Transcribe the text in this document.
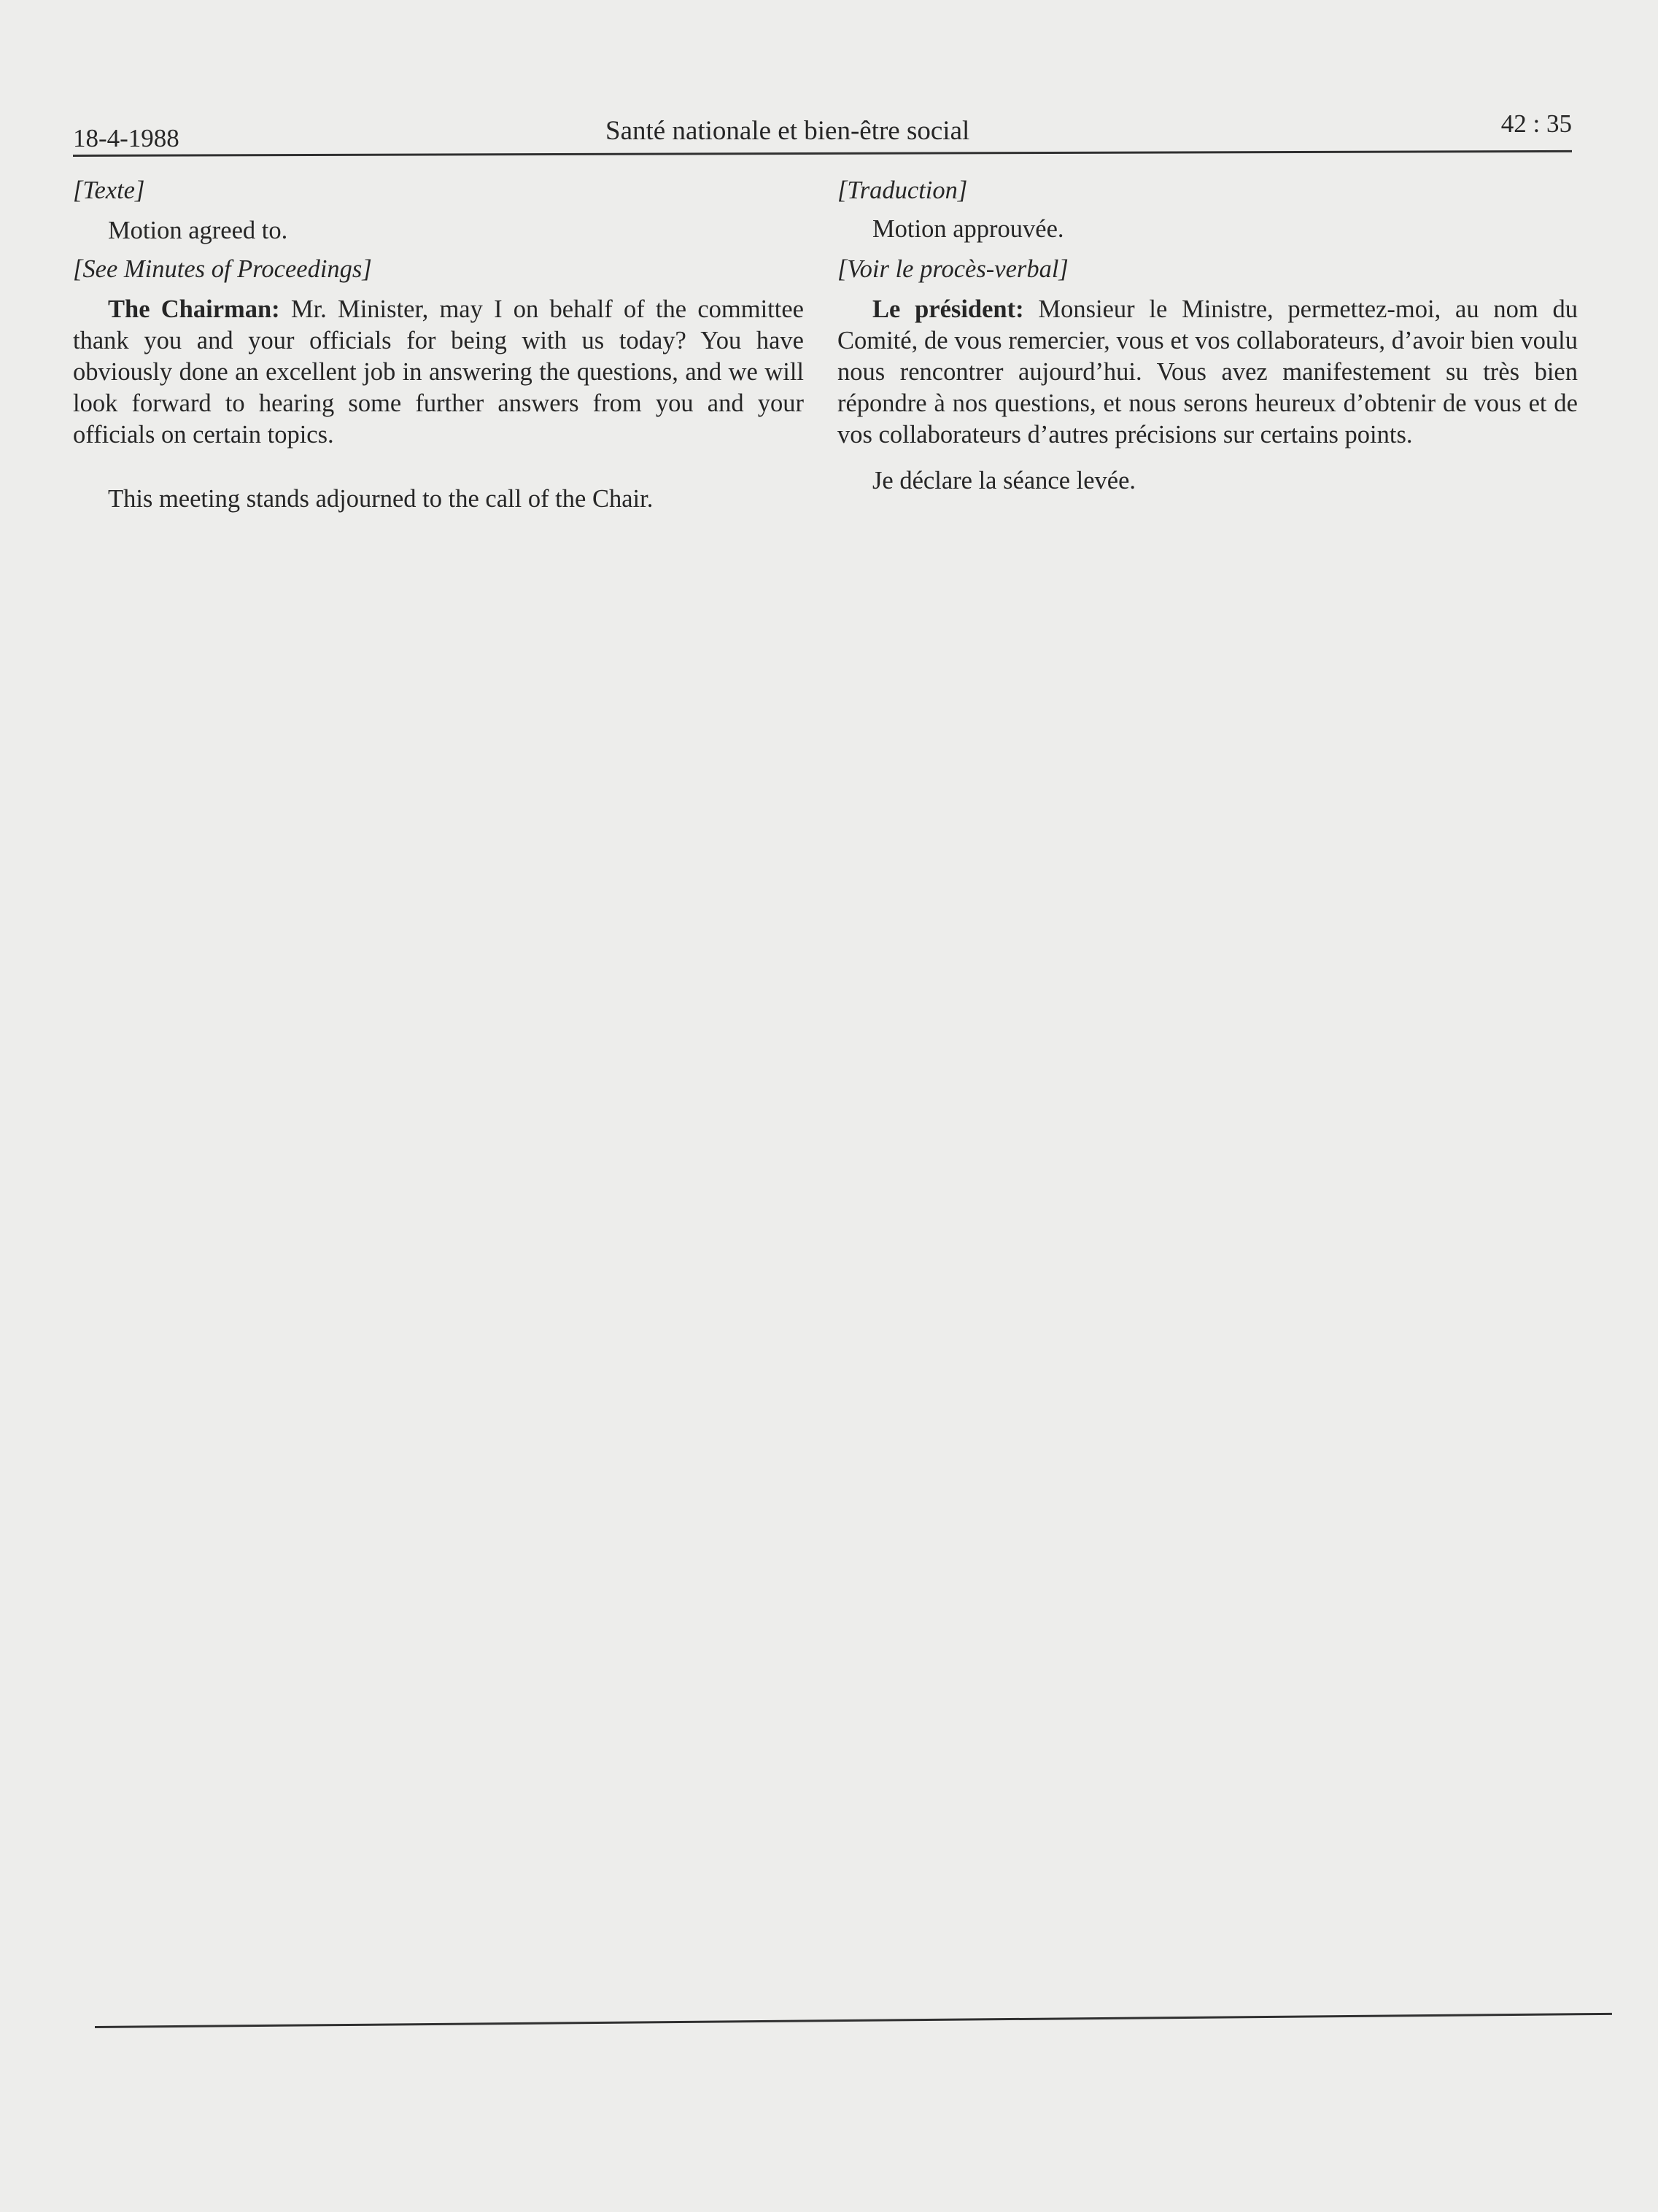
18-4-1988	Santé nationale et bien-être social	42 : 35

[Texte]

Motion agreed to.

[See Minutes of Proceedings]

The Chairman: Mr. Minister, may I on behalf of the committee thank you and your officials for being with us today? You have obviously done an excellent job in answering the questions, and we will look forward to hearing some further answers from you and your officials on certain topics.

This meeting stands adjourned to the call of the Chair.

[Traduction]

Motion approuvée.

[Voir le procès-verbal]

Le président: Monsieur le Ministre, permettez-moi, au nom du Comité, de vous remercier, vous et vos collaborateurs, d’avoir bien voulu nous rencontrer aujourd’hui. Vous avez manifestement su très bien répondre à nos questions, et nous serons heureux d’obtenir de vous et de vos collaborateurs d’autres précisions sur certains points.

Je déclare la séance levée.
